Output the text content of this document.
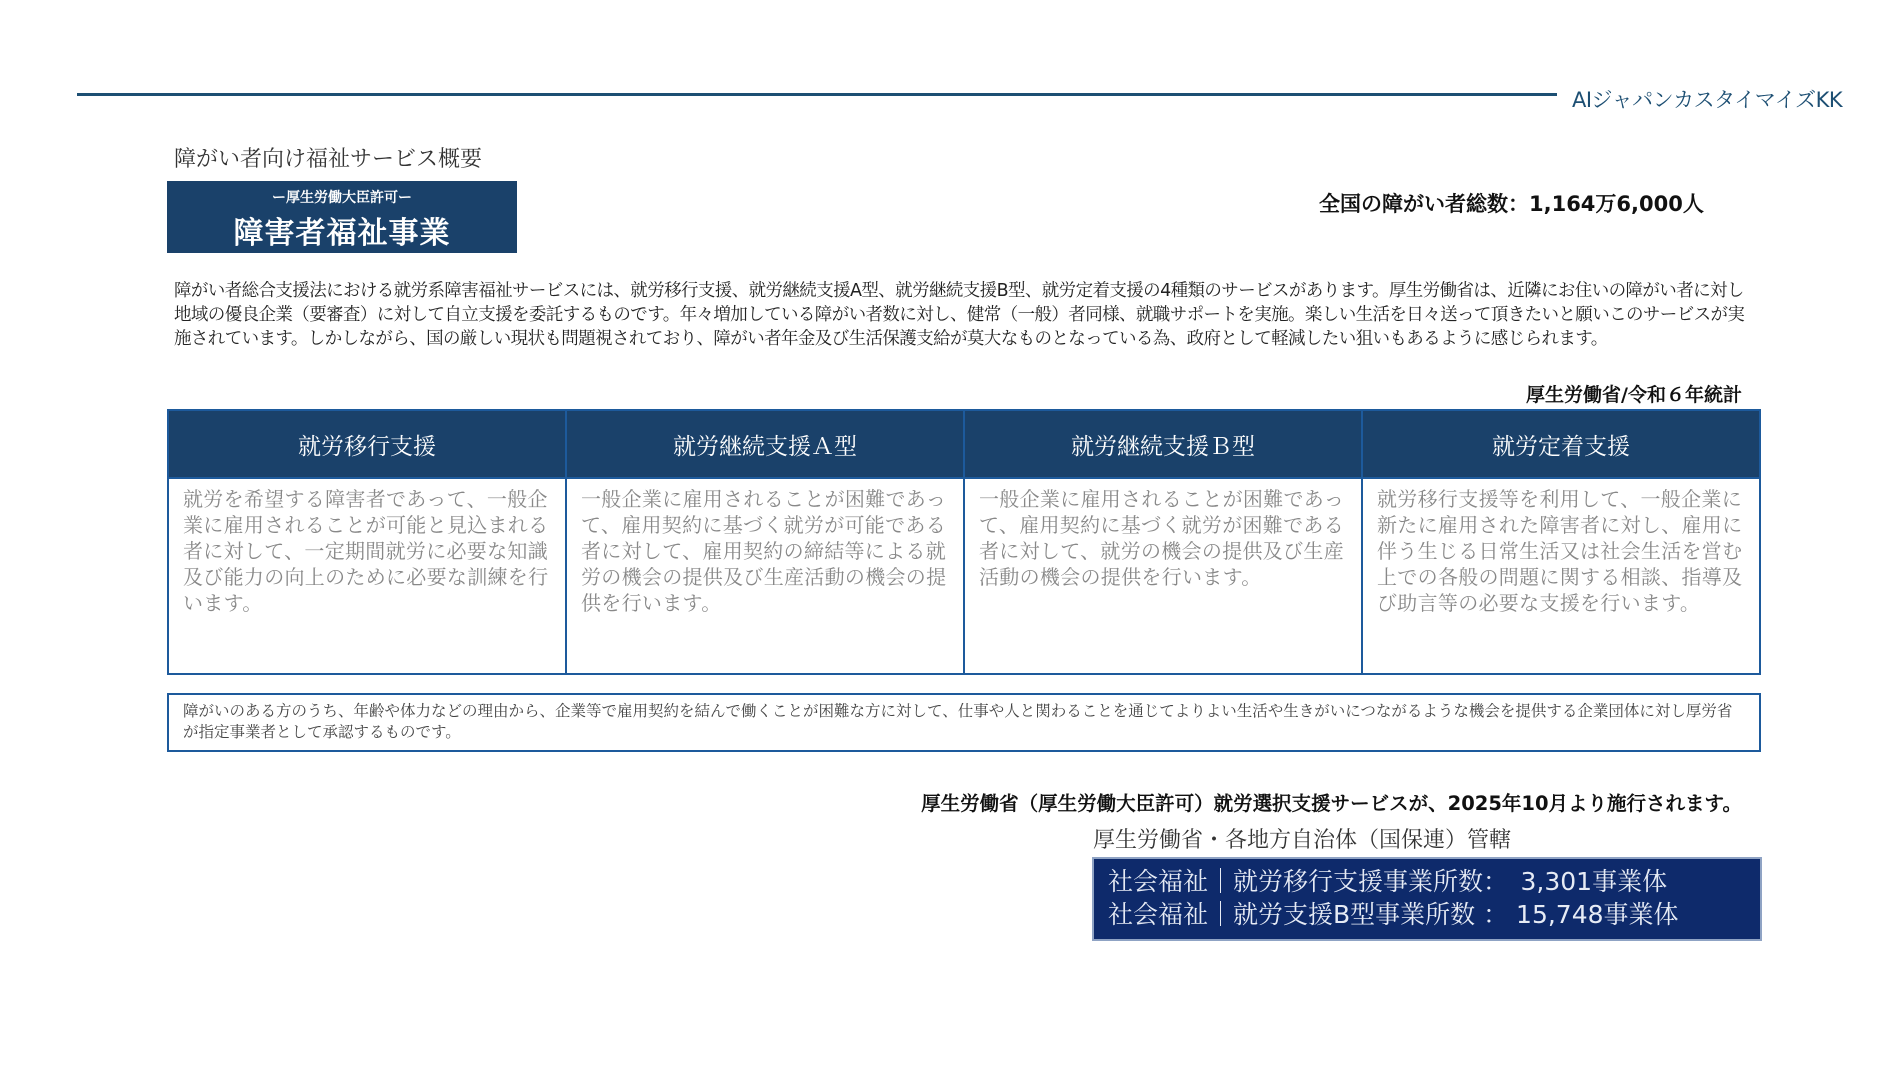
AIジャパンカスタイマイズKK
障がい者向け福祉サービス概要
ー厚生労働大臣許可ー
障害者福祉事業
全国の障がい者総数：1,164万6,000人
障がい者総合支援法における就労系障害福祉サービスには、就労移行支援、就労継続支援A型、就労継続支援B型、就労定着支援の4種類のサービスがあります。厚生労働省は、近隣にお住いの障がい者に対し地域の優良企業（要審査）に対して自立支援を委託するものです。年々増加している障がい者数に対し、健常（一般）者同様、就職サポートを実施。楽しい生活を日々送って頂きたいと願いこのサービスが実施されています。しかしながら、国の厳しい現状も問題視されており、障がい者年金及び生活保護支給が莫大なものとなっている為、政府として軽減したい狙いもあるように感じられます。
厚生労働省/令和６年統計
就労移行支援
就労を希望する障害者であって、一般企業に雇用されることが可能と見込まれる者に対して、一定期間就労に必要な知識及び能力の向上のために必要な訓練を行います。
就労継続支援Ａ型
一般企業に雇用されることが困難であって、雇用契約に基づく就労が可能である者に対して、雇用契約の締結等による就労の機会の提供及び生産活動の機会の提供を行います。
就労継続支援Ｂ型
一般企業に雇用されることが困難であって、雇用契約に基づく就労が困難である者に対して、就労の機会の提供及び生産活動の機会の提供を行います。
就労定着支援
就労移行支援等を利用して、一般企業に新たに雇用された障害者に対し、雇用に伴う生じる日常生活又は社会生活を営む上での各般の問題に関する相談、指導及び助言等の必要な支援を行います。
障がいのある方のうち、年齢や体力などの理由から、企業等で雇用契約を結んで働くことが困難な方に対して、仕事や人と関わることを通じてよりよい生活や生きがいにつながるような機会を提供する企業団体に対し厚労省が指定事業者として承認するものです。
厚生労働省（厚生労働大臣許可）就労選択支援サービスが、2025年10月より施行されます。
厚生労働省・各地方自治体（国保連）管轄
社会福祉｜就労移行支援事業所数：　3,301事業体
社会福祉｜就労支援B型事業所数 ： 15,748事業体
